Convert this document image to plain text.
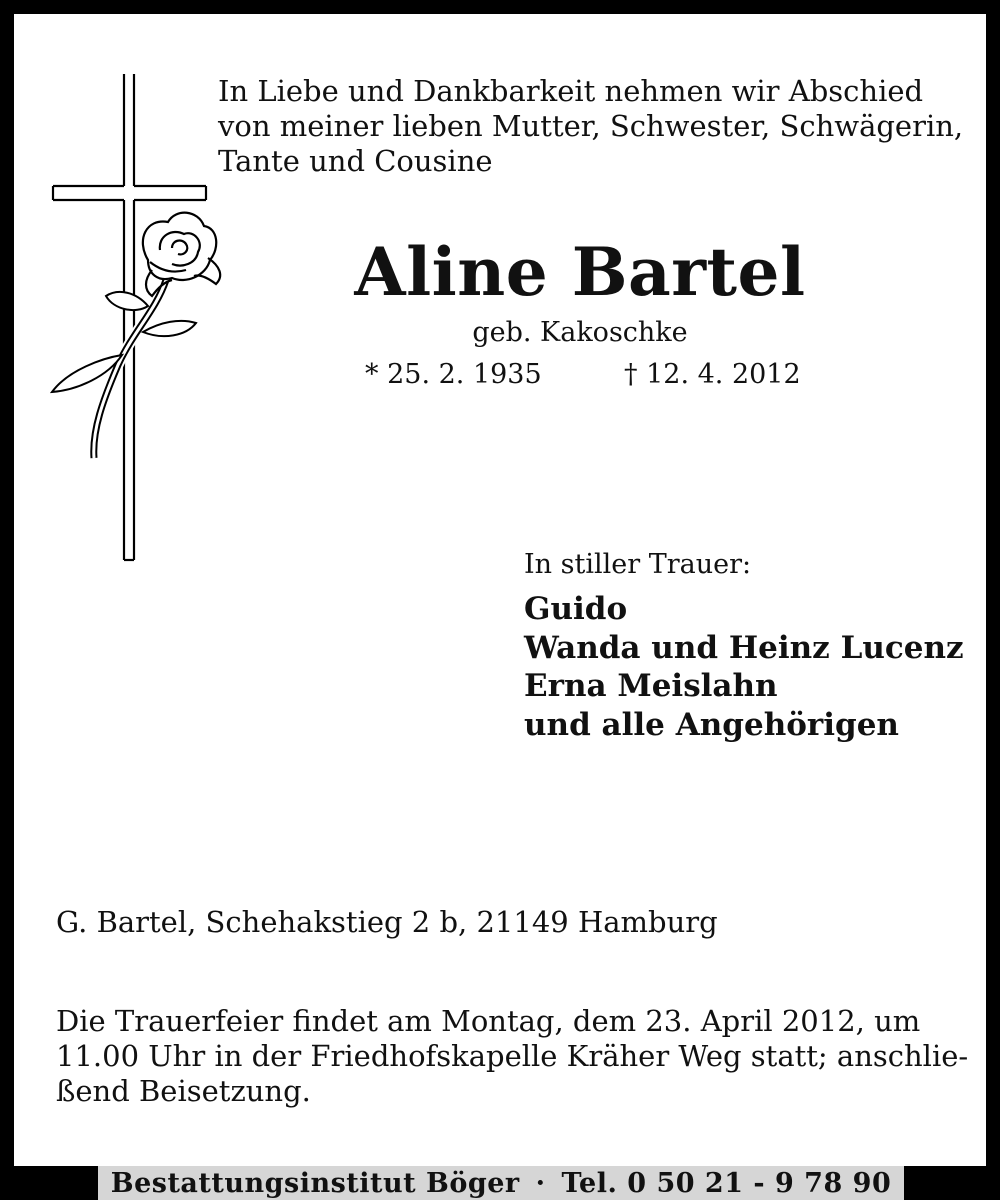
In Liebe und Dankbarkeit nehmen wir Abschied
von meiner lieben Mutter, Schwester, Schwägerin,
Tante und Cousine
Aline Bartel
geb. Kakoschke
* 25. 2. 1935	† 12. 4. 2012
In stiller Trauer:
Guido
Wanda und Heinz Lucenz
Erna Meislahn
und alle Angehörigen
G. Bartel, Schehakstieg 2 b, 21149 Hamburg
Die Trauerfeier findet am Montag, dem 23. April 2012, um
11.00 Uhr in der Friedhofskapelle Kräher Weg statt; anschlie-
ßend Beisetzung.
Bestattungsinstitut Böger · Tel. 0 50 21 - 9 78 90
